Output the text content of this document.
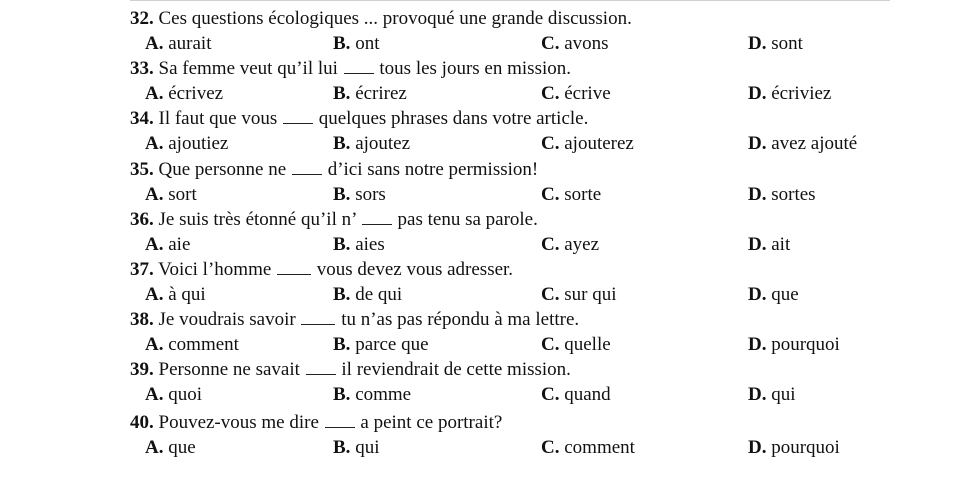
32. Ces questions écologiques ... provoqué une grande discussion.
A. aurait	B. ont	C. avons	D. sont
33. Sa femme veut qu’il lui tous les jours en mission.
A. écrivez	B. écrirez	C. écrive	D. écriviez
34. Il faut que vous quelques phrases dans votre article.
A. ajoutiez	B. ajoutez	C. ajouterez	D. avez ajouté
35. Que personne ne d’ici sans notre permission!
A. sort	B. sors	C. sorte	D. sortes
36. Je suis très étonné qu’il n’ pas tenu sa parole.
A. aie	B. aies	C. ayez	D. ait
37. Voici l’homme vous devez vous adresser.
A. à qui	B. de qui	C. sur qui	D. que
38. Je voudrais savoir tu n’as pas répondu à ma lettre.
A. comment	B. parce que	C. quelle	D. pourquoi
39. Personne ne savait il reviendrait de cette mission.
A. quoi	B. comme	C. quand	D. qui
40. Pouvez-vous me dire a peint ce portrait?
A. que	B. qui	C. comment	D. pourquoi
